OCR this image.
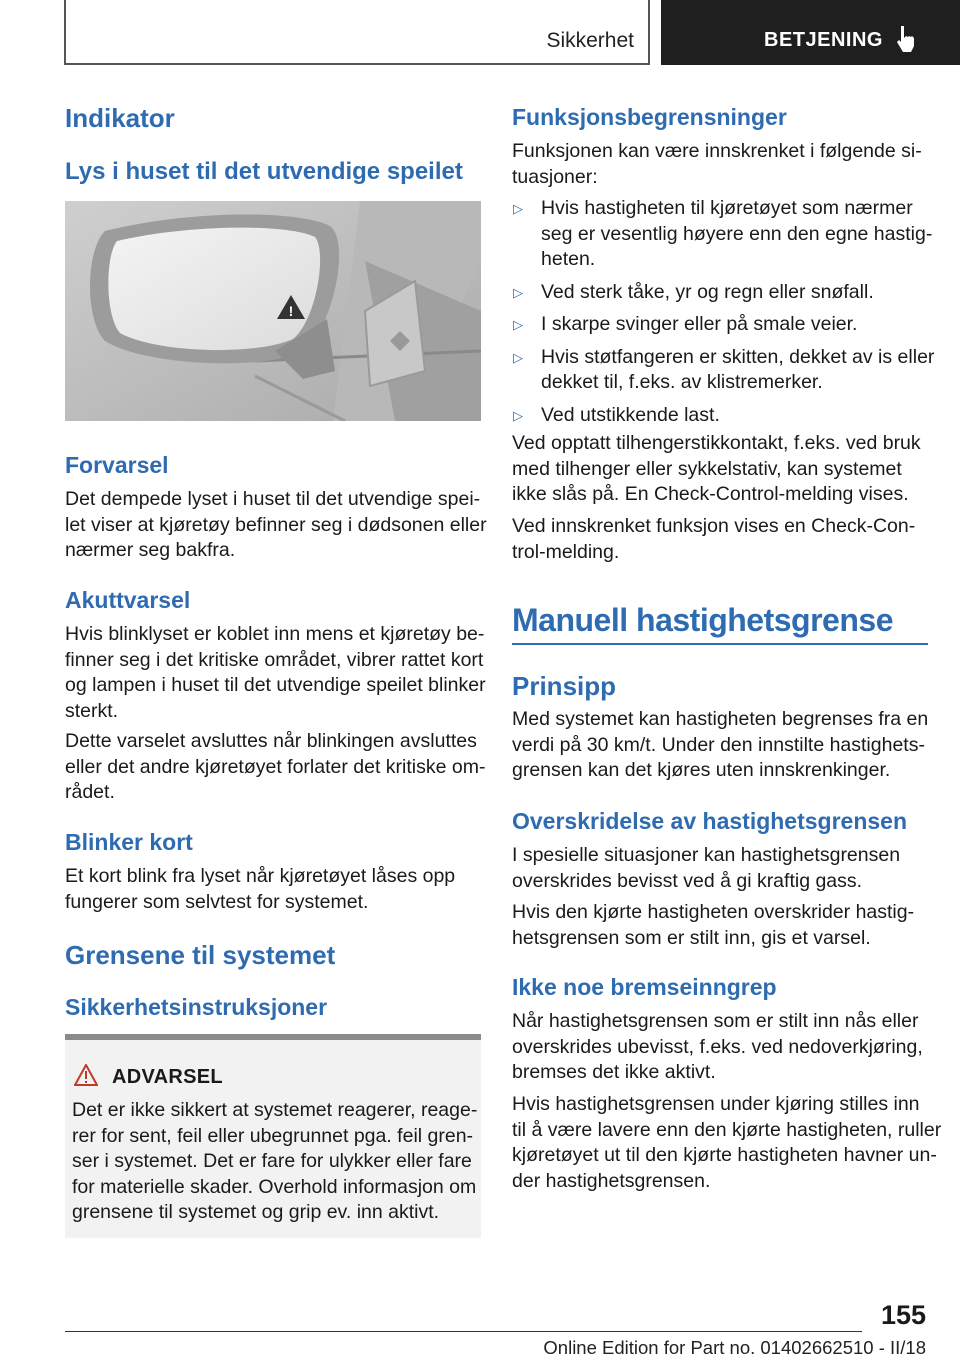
Sikkerhet	BETJENING
Indikator
Lys i huset til det utvendige speilet
Forvarsel
Det dempede lyset i huset til det utvendige spei-
let viser at kjøretøy befinner seg i dødsonen eller
nærmer seg bakfra.
Akuttvarsel
Hvis blinklyset er koblet inn mens et kjøretøy be-
finner seg i det kritiske området, vibrer rattet kort
og lampen i huset til det utvendige speilet blinker
sterkt.
Dette varselet avsluttes når blinkingen avsluttes
eller det andre kjøretøyet forlater det kritiske om-
rådet.
Blinker kort
Et kort blink fra lyset når kjøretøyet låses opp
fungerer som selvtest for systemet.
Grensene til systemet
Sikkerhetsinstruksjoner
!
ADVARSEL
Det er ikke sikkert at systemet reagerer, reage-
rer for sent, feil eller ubegrunnet pga. feil gren-
ser i systemet. Det er fare for ulykker eller fare
for materielle skader. Overhold informasjon om
grensene til systemet og grip ev. inn aktivt.
Funksjonsbegrensninger
Funksjonen kan være innskrenket i følgende si-
tuasjoner:
▷ Hvis hastigheten til kjøretøyet som nærmer
seg er vesentlig høyere enn den egne hastig-
heten.
▷ Ved sterk tåke, yr og regn eller snøfall.
▷ I skarpe svinger eller på smale veier.
▷ Hvis støtfangeren er skitten, dekket av is eller
dekket til, f.eks. av klistremerker.
▷ Ved utstikkende last.
Ved opptatt tilhengerstikkontakt, f.eks. ved bruk
med tilhenger eller sykkelstativ, kan systemet
ikke slås på. En Check-Control-melding vises.
Ved innskrenket funksjon vises en Check-Con-
trol-melding.
Manuell hastighetsgrense
Prinsipp
Med systemet kan hastigheten begrenses fra en
verdi på 30 km/t. Under den innstilte hastighets-
grensen kan det kjøres uten innskrenkinger.
Overskridelse av hastighetsgrensen
I spesielle situasjoner kan hastighetsgrensen
overskrides bevisst ved å gi kraftig gass.
Hvis den kjørte hastigheten overskrider hastig-
hetsgrensen som er stilt inn, gis et varsel.
Ikke noe bremseinngrep
Når hastighetsgrensen som er stilt inn nås eller
overskrides ubevisst, f.eks. ved nedoverkjøring,
bremses det ikke aktivt.
Hvis hastighetsgrensen under kjøring stilles inn
til å være lavere enn den kjørte hastigheten, ruller
kjøretøyet ut til den kjørte hastigheten havner un-
der hastighetsgrensen.
155
Online Edition for Part no. 01402662510 - II/18
